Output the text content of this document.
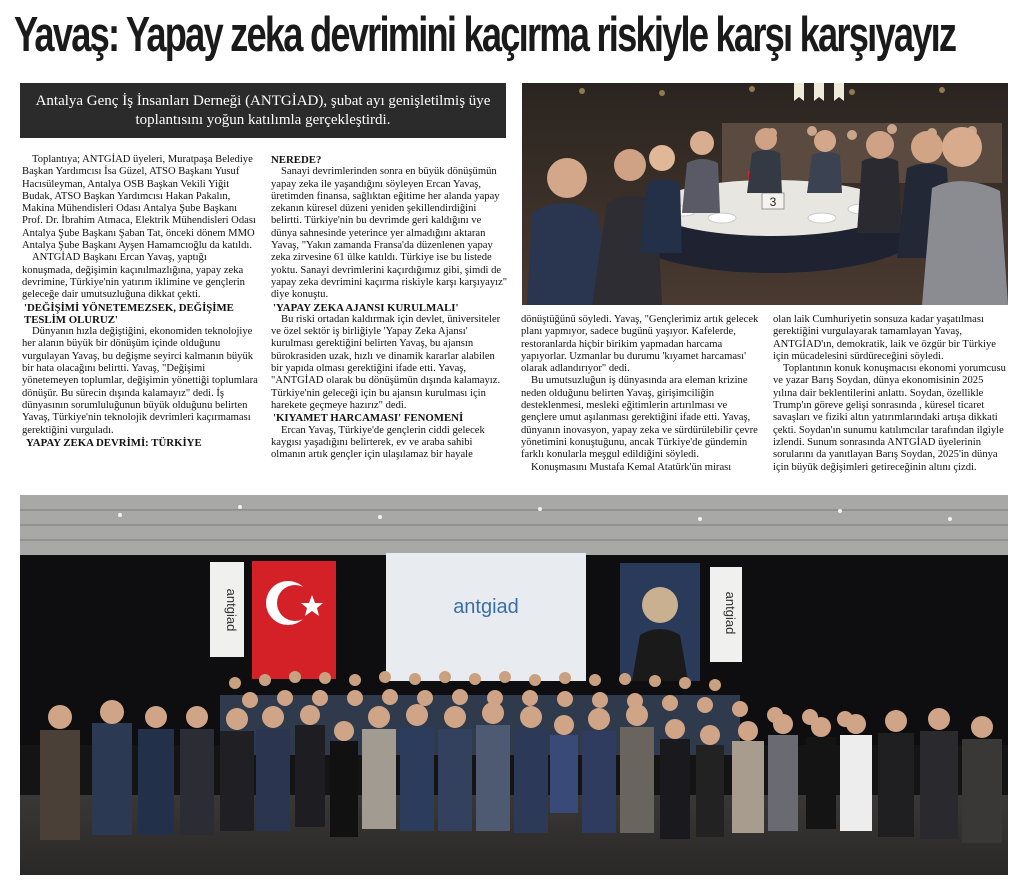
Yavaş: Yapay zeka devrimini kaçırma riskiyle karşı karşıyayız
Antalya Genç İş İnsanları Derneği (ANTGİAD), şubat ayı genişletilmiş üye toplantısını yoğun katılımla gerçekleştirdi.

Toplantıya; ANTGİAD üyeleri, Muratpaşa Belediye Başkan Yardımcısı İsa Güzel, ATSO Başkanı Yusuf Hacısüleyman, Antalya OSB Başkan Vekili Yiğit Budak, ATSO Başkan Yardımcısı Hakan Pakalın, Makina Mühendisleri Odası Antalya Şube Başkanı Prof. Dr. İbrahim Atmaca, Elektrik Mühendisleri Odası Antalya Şube Başkanı Şaban Tat, önceki dönem MMO Antalya Şube Başkanı Ayşen Hamamcıoğlu da katıldı.

ANTGİAD Başkanı Ercan Yavaş, yaptığı konuşmada, değişimin kaçınılmazlığına, yapay zeka devrimine, Türkiye'nin yatırım iklimine ve gençlerin geleceğe dair umutsuzluğuna dikkat çekti.

'DEĞİŞİMİ YÖNETEMEZSEK, DEĞİŞİME TESLİM OLURUZ'

Dünyanın hızla değiştiğini, ekonomiden teknolojiye her alanın büyük bir dönüşüm içinde olduğunu vurgulayan Yavaş, bu değişme seyirci kalmanın büyük bir hata olacağını belirtti. Yavaş, "Değişimi yönetemeyen toplumlar, değişimin yönettiği toplumlara dönüşür. Bu sürecin dışında kalamayız" dedi. İş dünyasının sorumluluğunun büyük olduğunu belirten Yavaş, Türkiye'nin teknolojik devrimleri kaçırmaması gerektiğini vurguladı.

YAPAY ZEKA DEVRİMİ: TÜRKİYE
NEREDE?

Sanayi devrimlerinden sonra en büyük dönüşümün yapay zeka ile yaşandığını söyleyen Ercan Yavaş, üretimden finansa, sağlıktan eğitime her alanda yapay zekanın küresel düzeni yeniden şekillendirdiğini belirtti. Türkiye'nin bu devrimde geri kaldığını ve dünya sahnesinde yeterince yer almadığını aktaran Yavaş, "Yakın zamanda Fransa'da düzenlenen yapay zeka zirvesine 61 ülke katıldı. Türkiye ise bu listede yoktu. Sanayi devrimlerini kaçırdığımız gibi, şimdi de yapay zeka devrimini kaçırma riskiyle karşı karşıyayız" diye konuştu.

'YAPAY ZEKA AJANSI KURULMALI'

Bu riski ortadan kaldırmak için devlet, üniversiteler ve özel sektör iş birliğiyle 'Yapay Zeka Ajansı' kurulması gerektiğini belirten Yavaş, bu ajansın bürokrasiden uzak, hızlı ve dinamik kararlar alabilen bir yapıda olması gerektiğini ifade etti. Yavaş, "ANTGİAD olarak bu dönüşümün dışında kalamayız. Türkiye'nin geleceği için bu ajansın kurulması için harekete geçmeye hazırız" dedi.

'KIYAMET HARCAMASI' FENOMENİ

Ercan Yavaş, Türkiye'de gençlerin ciddi gelecek kaygısı yaşadığını belirterek, ev ve araba sahibi olmanın artık gençler için ulaşılamaz bir hayale

dönüştüğünü söyledi. Yavaş, "Gençlerimiz artık gelecek planı yapmıyor, sadece bugünü yaşıyor. Kafelerde, restoranlarda hiçbir birikim yapmadan harcama yapıyorlar. Uzmanlar bu durumu 'kıyamet harcaması' olarak adlandırıyor" dedi.

Bu umutsuzluğun iş dünyasında ara eleman krizine neden olduğunu belirten Yavaş, girişimciliğin desteklenmesi, mesleki eğitimlerin artırılması ve gençlere umut aşılanması gerektiğini ifade etti. Yavaş, dünyanın inovasyon, yapay zeka ve sürdürülebilir çevre yönetimini konuştuğunu, ancak Türkiye'de gündemin farklı konularla meşgul edildiğini söyledi.

Konuşmasını Mustafa Kemal Atatürk'ün mirası

olan laik Cumhuriyetin sonsuza kadar yaşatılması gerektiğini vurgulayarak tamamlayan Yavaş, ANTGİAD'ın, demokratik, laik ve özgür bir Türkiye için mücadelesini sürdüreceğini söyledi.

Toplantının konuk konuşmacısı ekonomi yorumcusu ve yazar Barış Soydan, dünya ekonomisinin 2025 yılına dair beklentilerini anlattı. Soydan, özellikle Trump'ın göreve gelişi sonrasında , küresel ticaret savaşları ve fiziki altın yatırımlarındaki artışa dikkati çekti. Soydan'ın sunumu katılımcılar tarafından ilgiyle izlendi. Sunum sonrasında ANTGİAD üyelerinin sorularını da yanıtlayan Barış Soydan, 2025'in dünya için büyük değişimleri getireceğinin altını çizdi.

3
antgiad	antgiad	antgiad
